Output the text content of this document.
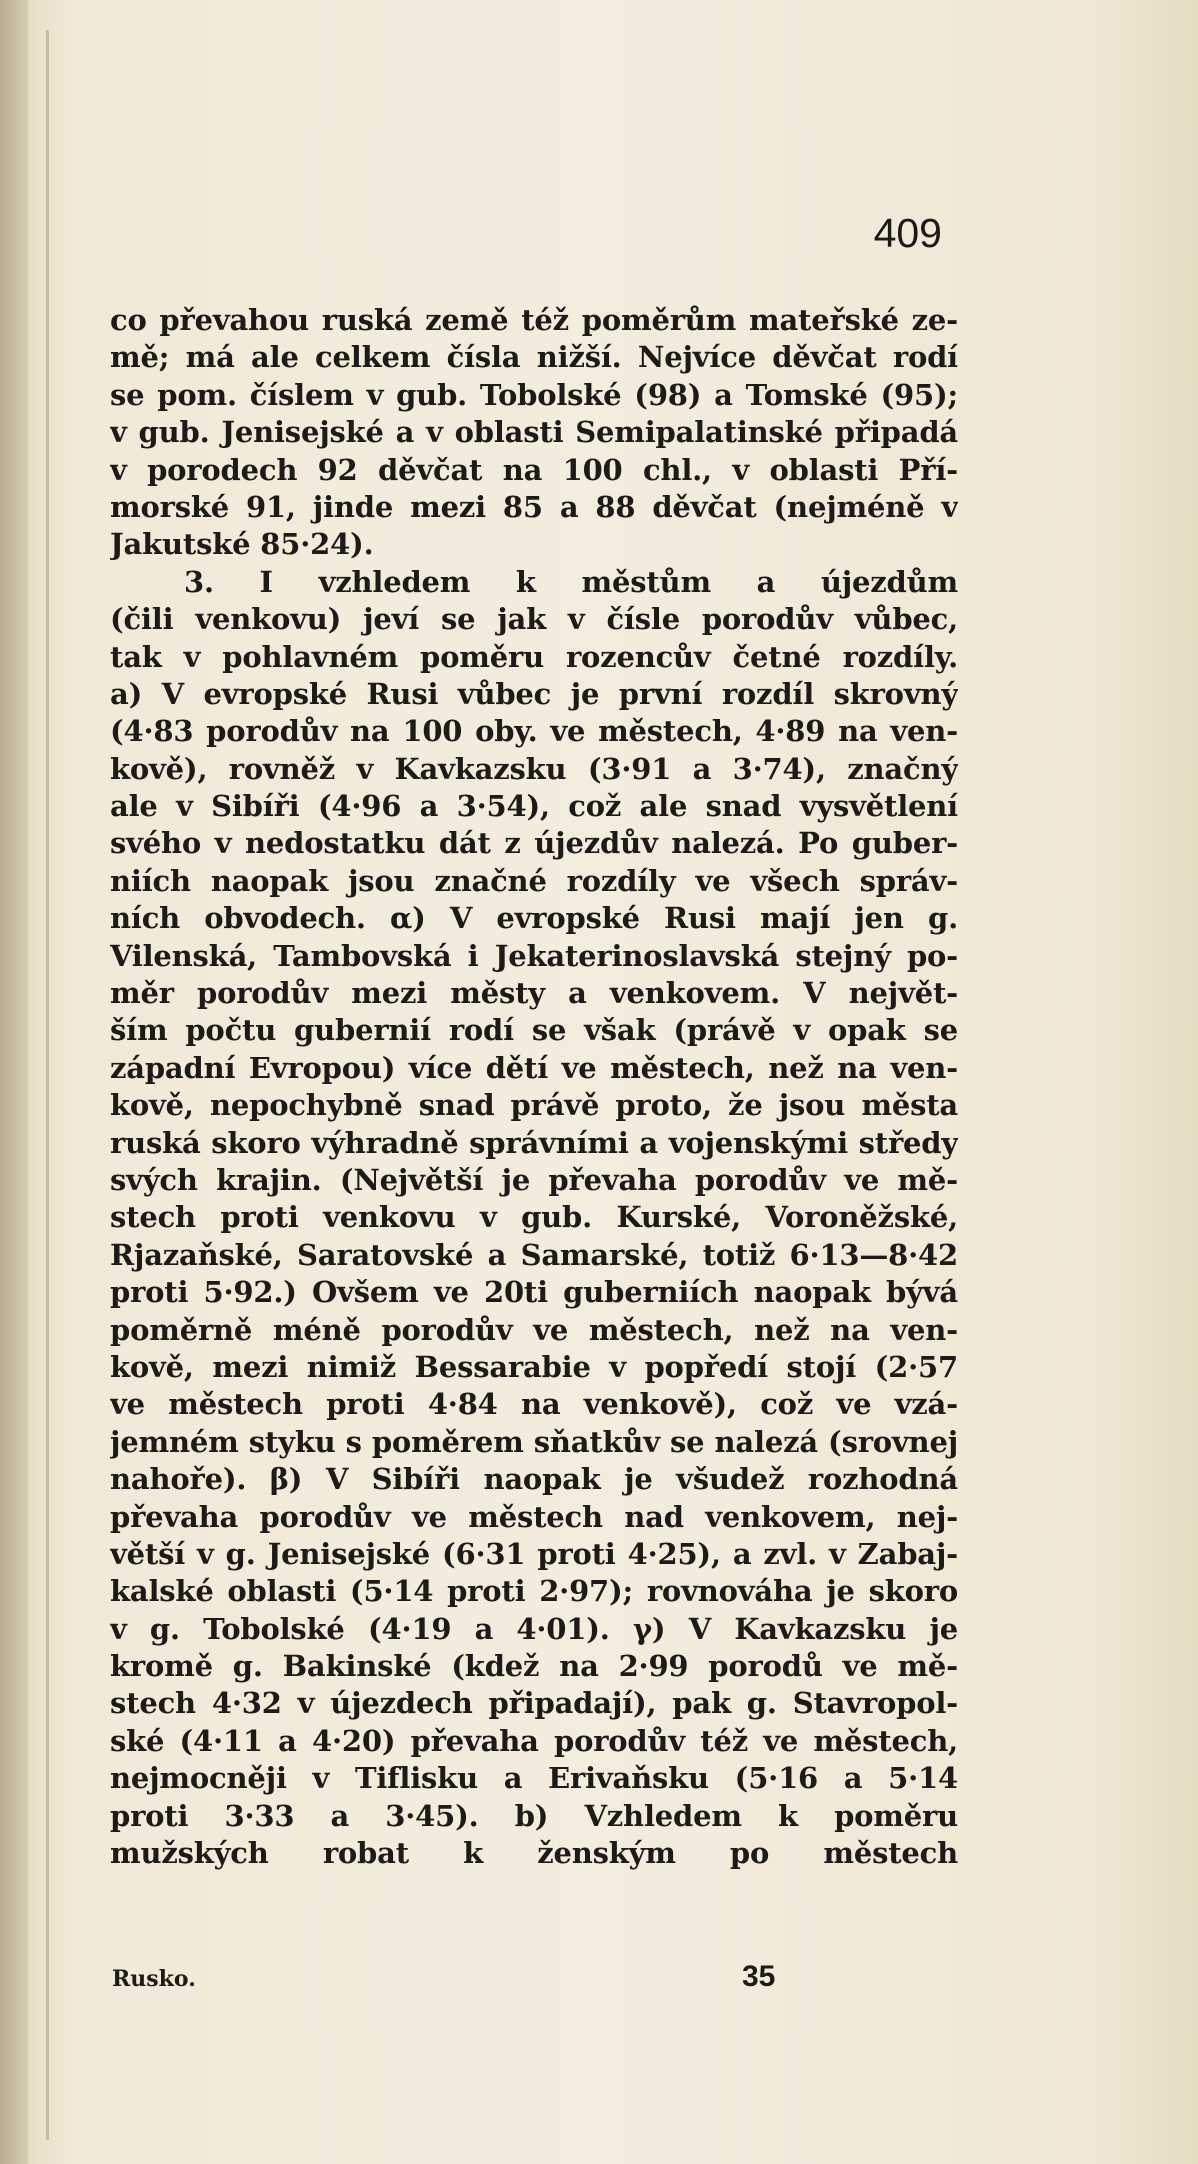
409
co převahou ruská země též poměrům mateřské ze-
mě; má ale celkem čísla nižší. Nejvíce děvčat rodí
se pom. číslem v gub. Tobolské (98) a Tomské (95);
v gub. Jenisejské a v oblasti Semipalatinské připadá
v porodech 92 děvčat na 100 chl., v oblasti Pří-
morské 91, jinde mezi 85 a 88 děvčat (nejméně v
Jakutské 85·24).
3. I vzhledem k městům a újezdům
(čili venkovu) jeví se jak v čísle porodův vůbec,
tak v pohlavném poměru rozencův četné rozdíly.
a) V evropské Rusi vůbec je první rozdíl skrovný
(4·83 porodův na 100 oby. ve městech, 4·89 na ven-
kově), rovněž v Kavkazsku (3·91 a 3·74), značný
ale v Sibíři (4·96 a 3·54), což ale snad vysvětlení
svého v nedostatku dát z újezdův nalezá. Po guber-
niích naopak jsou značné rozdíly ve všech správ-
ních obvodech. α) V evropské Rusi mají jen g.
Vilenská, Tambovská i Jekaterinoslavská stejný po-
měr porodův mezi městy a venkovem. V největ-
ším počtu gubernií rodí se však (právě v opak se
západní Evropou) více dětí ve městech, než na ven-
kově, nepochybně snad právě proto, že jsou města
ruská skoro výhradně správními a vojenskými středy
svých krajin. (Největší je převaha porodův ve mě-
stech proti venkovu v gub. Kurské, Voroněžské,
Rjazaňské, Saratovské a Samarské, totiž 6·13—8·42
proti 5·92.) Ovšem ve 20ti guberniích naopak bývá
poměrně méně porodův ve městech, než na ven-
kově, mezi nimiž Bessarabie v popředí stojí (2·57
ve městech proti 4·84 na venkově), což ve vzá-
jemném styku s poměrem sňatkův se nalezá (srovnej
nahoře). β) V Sibíři naopak je všudež rozhodná
převaha porodův ve městech nad venkovem, nej-
větší v g. Jenisejské (6·31 proti 4·25), a zvl. v Zabaj-
kalské oblasti (5·14 proti 2·97); rovnováha je skoro
v g. Tobolské (4·19 a 4·01). γ) V Kavkazsku je
kromě g. Bakinské (kdež na 2·99 porodů ve mě-
stech 4·32 v újezdech připadají), pak g. Stavropol-
ské (4·11 a 4·20) převaha porodův též ve městech,
nejmocněji v Tiflisku a Erivaňsku (5·16 a 5·14
proti 3·33 a 3·45). b) Vzhledem k poměru
mužských robat k ženským po městech
Rusko.	35
